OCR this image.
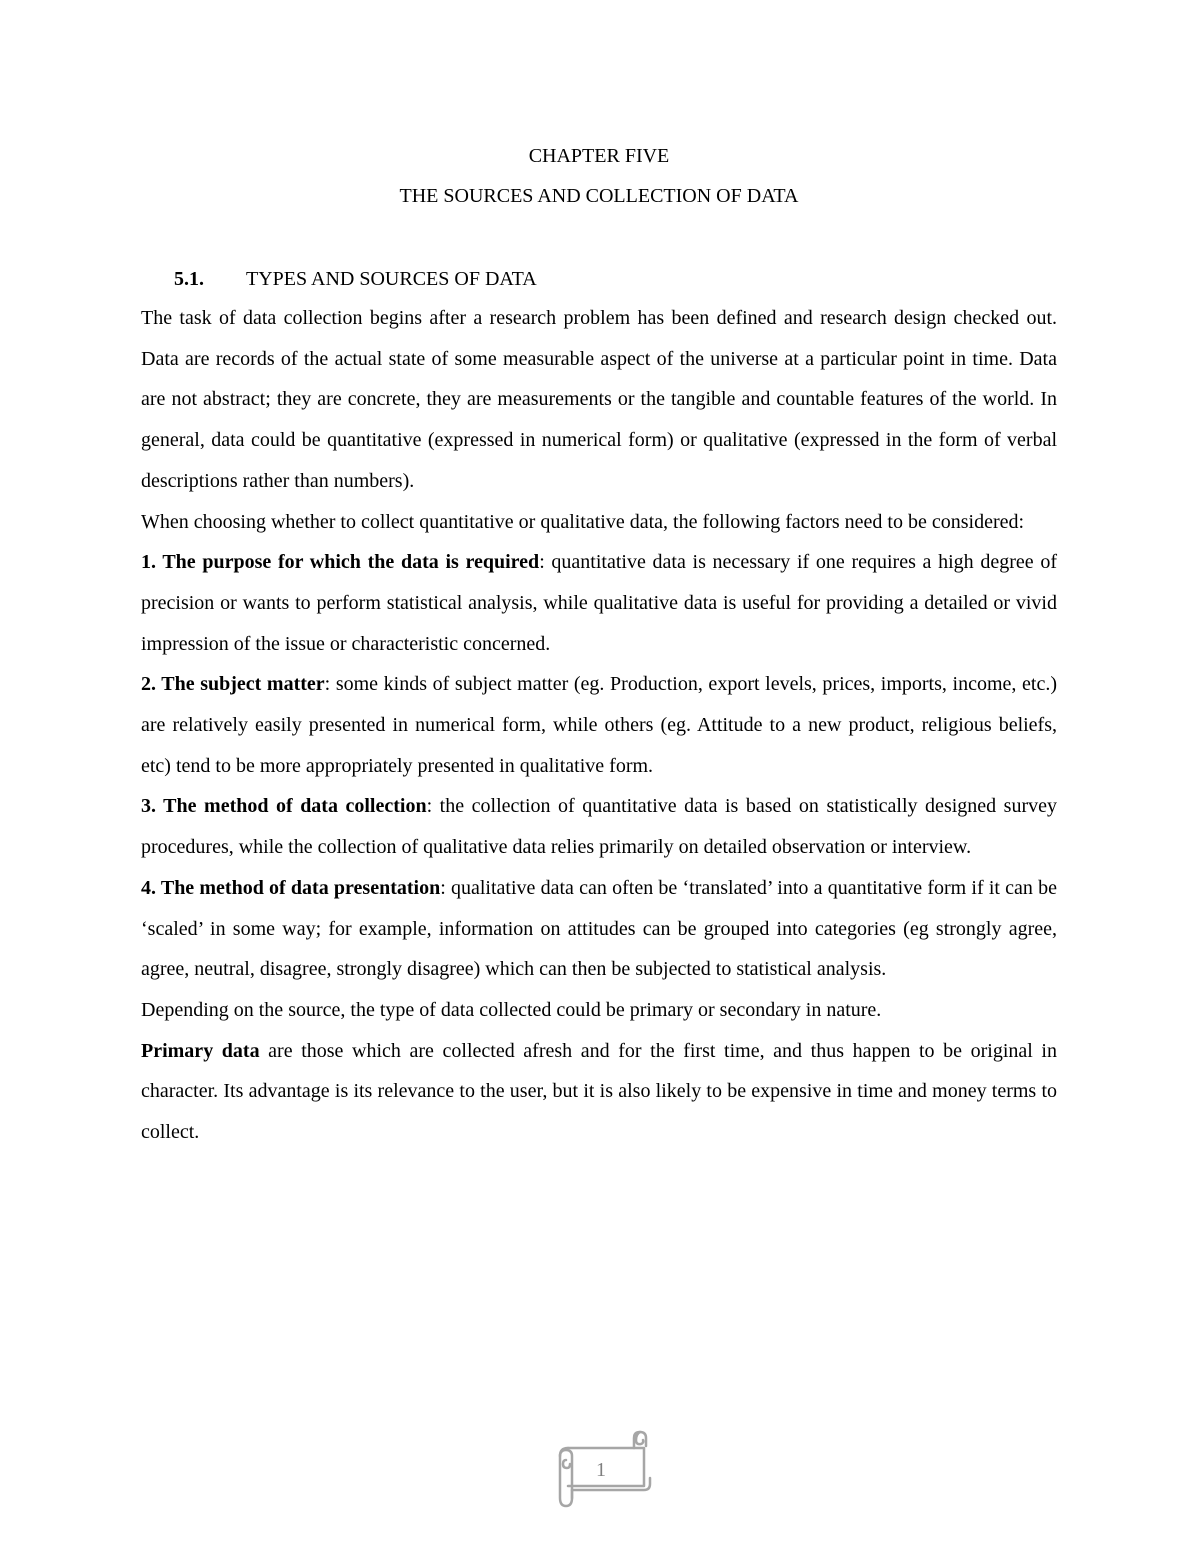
CHAPTER FIVE
THE SOURCES AND COLLECTION OF DATA
5.1. TYPES AND SOURCES OF DATA

The task of data collection begins after a research problem has been defined and research design checked out. Data are records of the actual state of some measurable aspect of the universe at a particular point in time. Data are not abstract; they are concrete, they are measurements or the tangible and countable features of the world. In general, data could be quantitative (expressed in numerical form) or qualitative (expressed in the form of verbal descriptions rather than numbers).

When choosing whether to collect quantitative or qualitative data, the following factors need to be considered:

1. The purpose for which the data is required: quantitative data is necessary if one requires a high degree of precision or wants to perform statistical analysis, while qualitative data is useful for providing a detailed or vivid impression of the issue or characteristic concerned.

2. The subject matter: some kinds of subject matter (eg. Production, export levels, prices, imports, income, etc.) are relatively easily presented in numerical form, while others (eg. Attitude to a new product, religious beliefs, etc) tend to be more appropriately presented in qualitative form.

3. The method of data collection: the collection of quantitative data is based on statistically designed survey procedures, while the collection of qualitative data relies primarily on detailed observation or interview.

4. The method of data presentation: qualitative data can often be ‘translated’ into a quantitative form if it can be ‘scaled’ in some way; for example, information on attitudes can be grouped into categories (eg strongly agree, agree, neutral, disagree, strongly disagree) which can then be subjected to statistical analysis.

Depending on the source, the type of data collected could be primary or secondary in nature.

Primary data are those which are collected afresh and for the first time, and thus happen to be original in character. Its advantage is its relevance to the user, but it is also likely to be expensive in time and money terms to collect.

1
